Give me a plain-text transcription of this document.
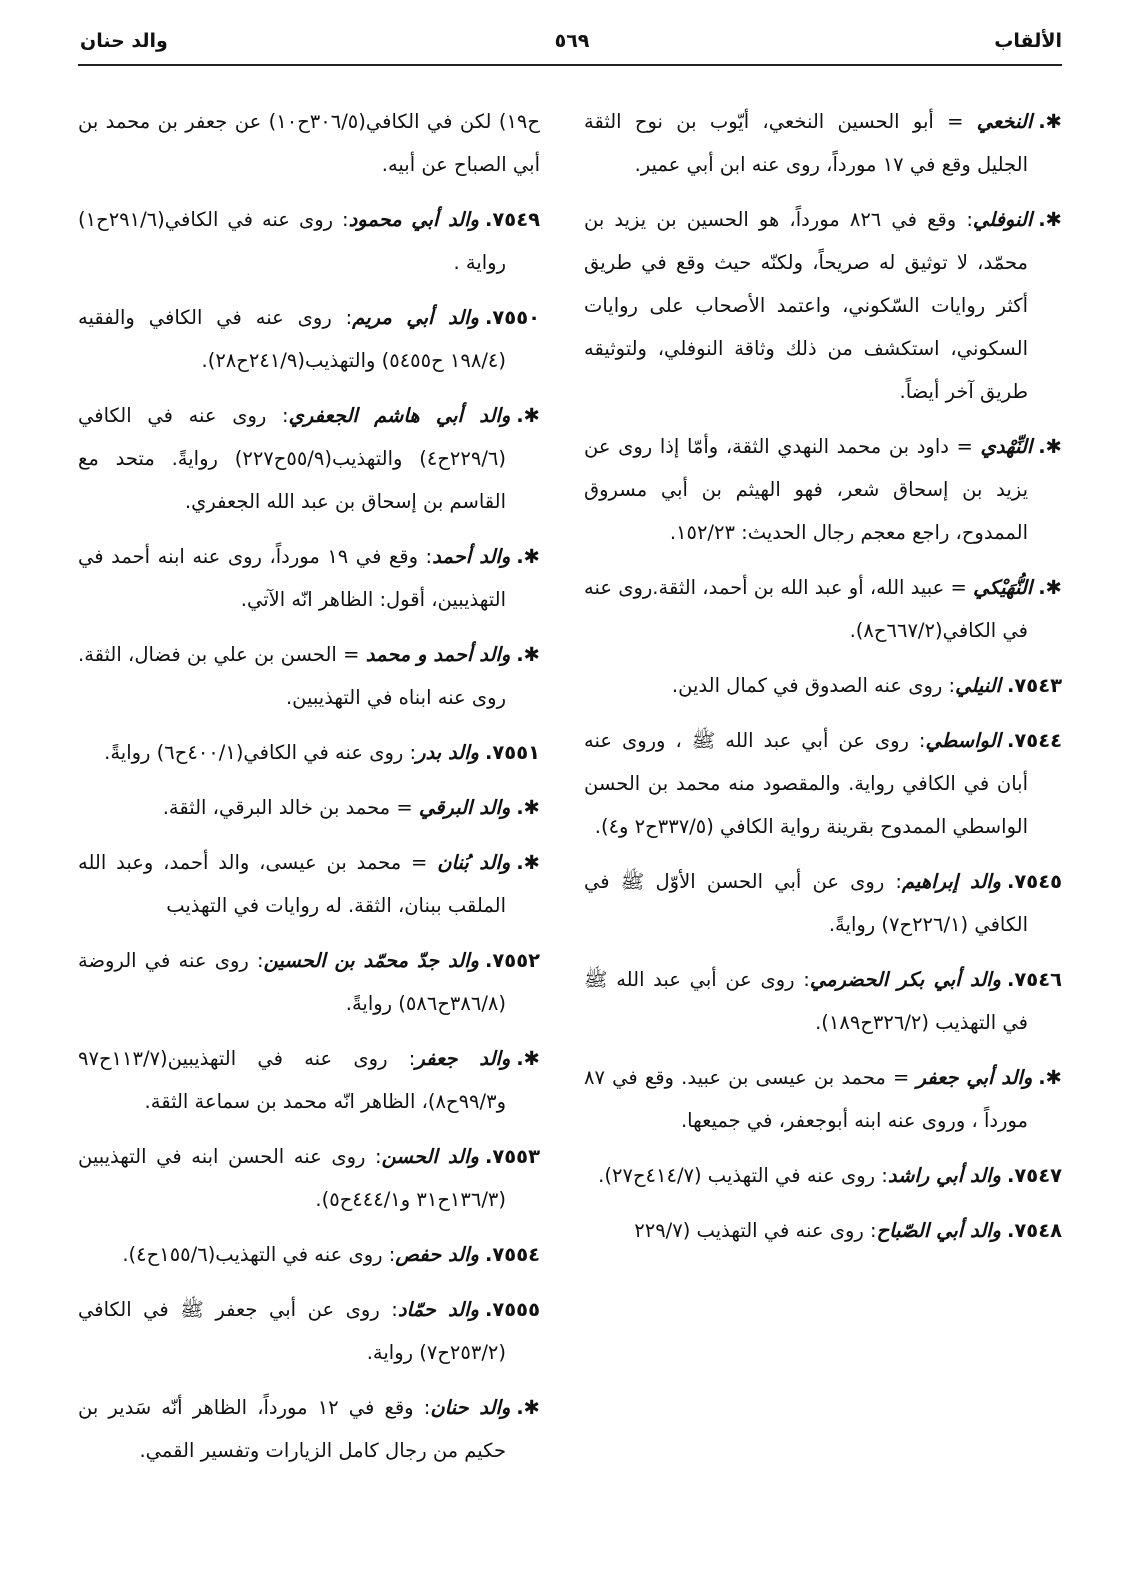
الألقاب
٥٦٩
والد حنان
✱.النخعي = أبو الحسين النخعي، أيّوب بن نوح الثقة الجليل وقع في ١٧ مورداً، روى عنه ابن أبي عمير.
✱.النوفلي: وقع في ٨٢٦ مورداً، هو الحسين بن يزيد بن محمّد، لا توثيق له صريحاً، ولكنّه حيث وقع في طريق أكثر روايات السّكوني، واعتمد الأصحاب على روايات السكوني، استكشف من ذلك وثاقة النوفلي، ولتوثيقه طريق آخر أيضاً.
✱.النِّهْدي = داود بن محمد النهدي الثقة، وأمّا إذا روى عن يزيد بن إسحاق شعر، فهو الهيثم بن أبي مسروق الممدوح، راجع معجم رجال الحديث: ١٥٢/٢٣.
✱.النُّهَيْكي = عبيد الله، أو عبد الله بن أحمد، الثقة.روى عنه في الكافي(٦٦٧/٢ح٨).
٧٥٤٣.النيلي: روى عنه الصدوق في كمال الدين.
٧٥٤٤.الواسطي: روى عن أبي عبد الله ﷺ ، وروى عنه أبان في الكافي رواية. والمقصود منه محمد بن الحسن الواسطي الممدوح بقرينة رواية الكافي (٣٣٧/٥ح٢ و٤).
٧٥٤٥.والد إبراهيم: روى عن أبي الحسن الأوّل ﷺ في الكافي (٢٢٦/١ح٧) روايةً.
٧٥٤٦.والد أبي بكر الحضرمي: روى عن أبي عبد الله ﷺ في التهذيب (٣٢٦/٢ح١٨٩).
✱.والد أبي جعفر = محمد بن عيسى بن عبيد. وقع في ٨٧ مورداً ، وروى عنه ابنه أبوجعفر، في جميعها.
٧٥٤٧.والد أبي راشد: روى عنه في التهذيب (٤١٤/٧ح٢٧).
٧٥٤٨.والد أبي الصّباح: روى عنه في التهذيب (٢٢٩/٧
ح١٩) لكن في الكافي(٣٠٦/٥ح١٠) عن جعفر بن محمد بن أبي الصباح عن أبيه.
٧٥٤٩.والد أبي محمود: روى عنه في الكافي(٢٩١/٦ح١) رواية .
٧٥٥٠.والد أبي مريم: روى عنه في الكافي والفقيه (١٩٨/٤ ح٥٤٥٥) والتهذيب(٢٤١/٩ح٢٨).
✱.والد أبي هاشم الجعفري: روى عنه في الكافي (٢٢٩/٦ح٤) والتهذيب(٥٥/٩ح٢٢٧) روايةً. متحد مع القاسم بن إسحاق بن عبد الله الجعفري.
✱.والد أحمد: وقع في ١٩ مورداً، روى عنه ابنه أحمد في التهذيبين، أقول: الظاهر انّه الآتي.
✱.والد أحمد و محمد = الحسن بن علي بن فضال، الثقة. روى عنه ابناه في التهذيبين.
٧٥٥١.والد بدر: روى عنه في الكافي(٤٠٠/١ح٦) روايةً.
✱.والد البرقي = محمد بن خالد البرقي، الثقة.
✱.والد بُنان = محمد بن عيسى، والد أحمد، وعبد الله الملقب ببنان، الثقة. له روايات في التهذيب
٧٥٥٢.والد جدّ محمّد بن الحسين: روى عنه في الروضة (٣٨٦/٨ح٥٨٦) روايةً.
✱.والد جعفر: روى عنه في التهذيبين(١١٣/٧ح٩٧ و٩٩/٣ح٨)، الظاهر انّه محمد بن سماعة الثقة.
٧٥٥٣.والد الحسن: روى عنه الحسن ابنه في التهذيبين (١٣٦/٣ح٣١ و٤٤٤/١ح٥).
٧٥٥٤.والد حفص: روى عنه في التهذيب(١٥٥/٦ح٤).
٧٥٥٥.والد حمّاد: روى عن أبي جعفر ﷺ في الكافي (٢٥٣/٢ح٧) رواية.
✱.والد حنان: وقع في ١٢ مورداً، الظاهر أنّه سَدير بن حكيم من رجال كامل الزيارات وتفسير القمي.
